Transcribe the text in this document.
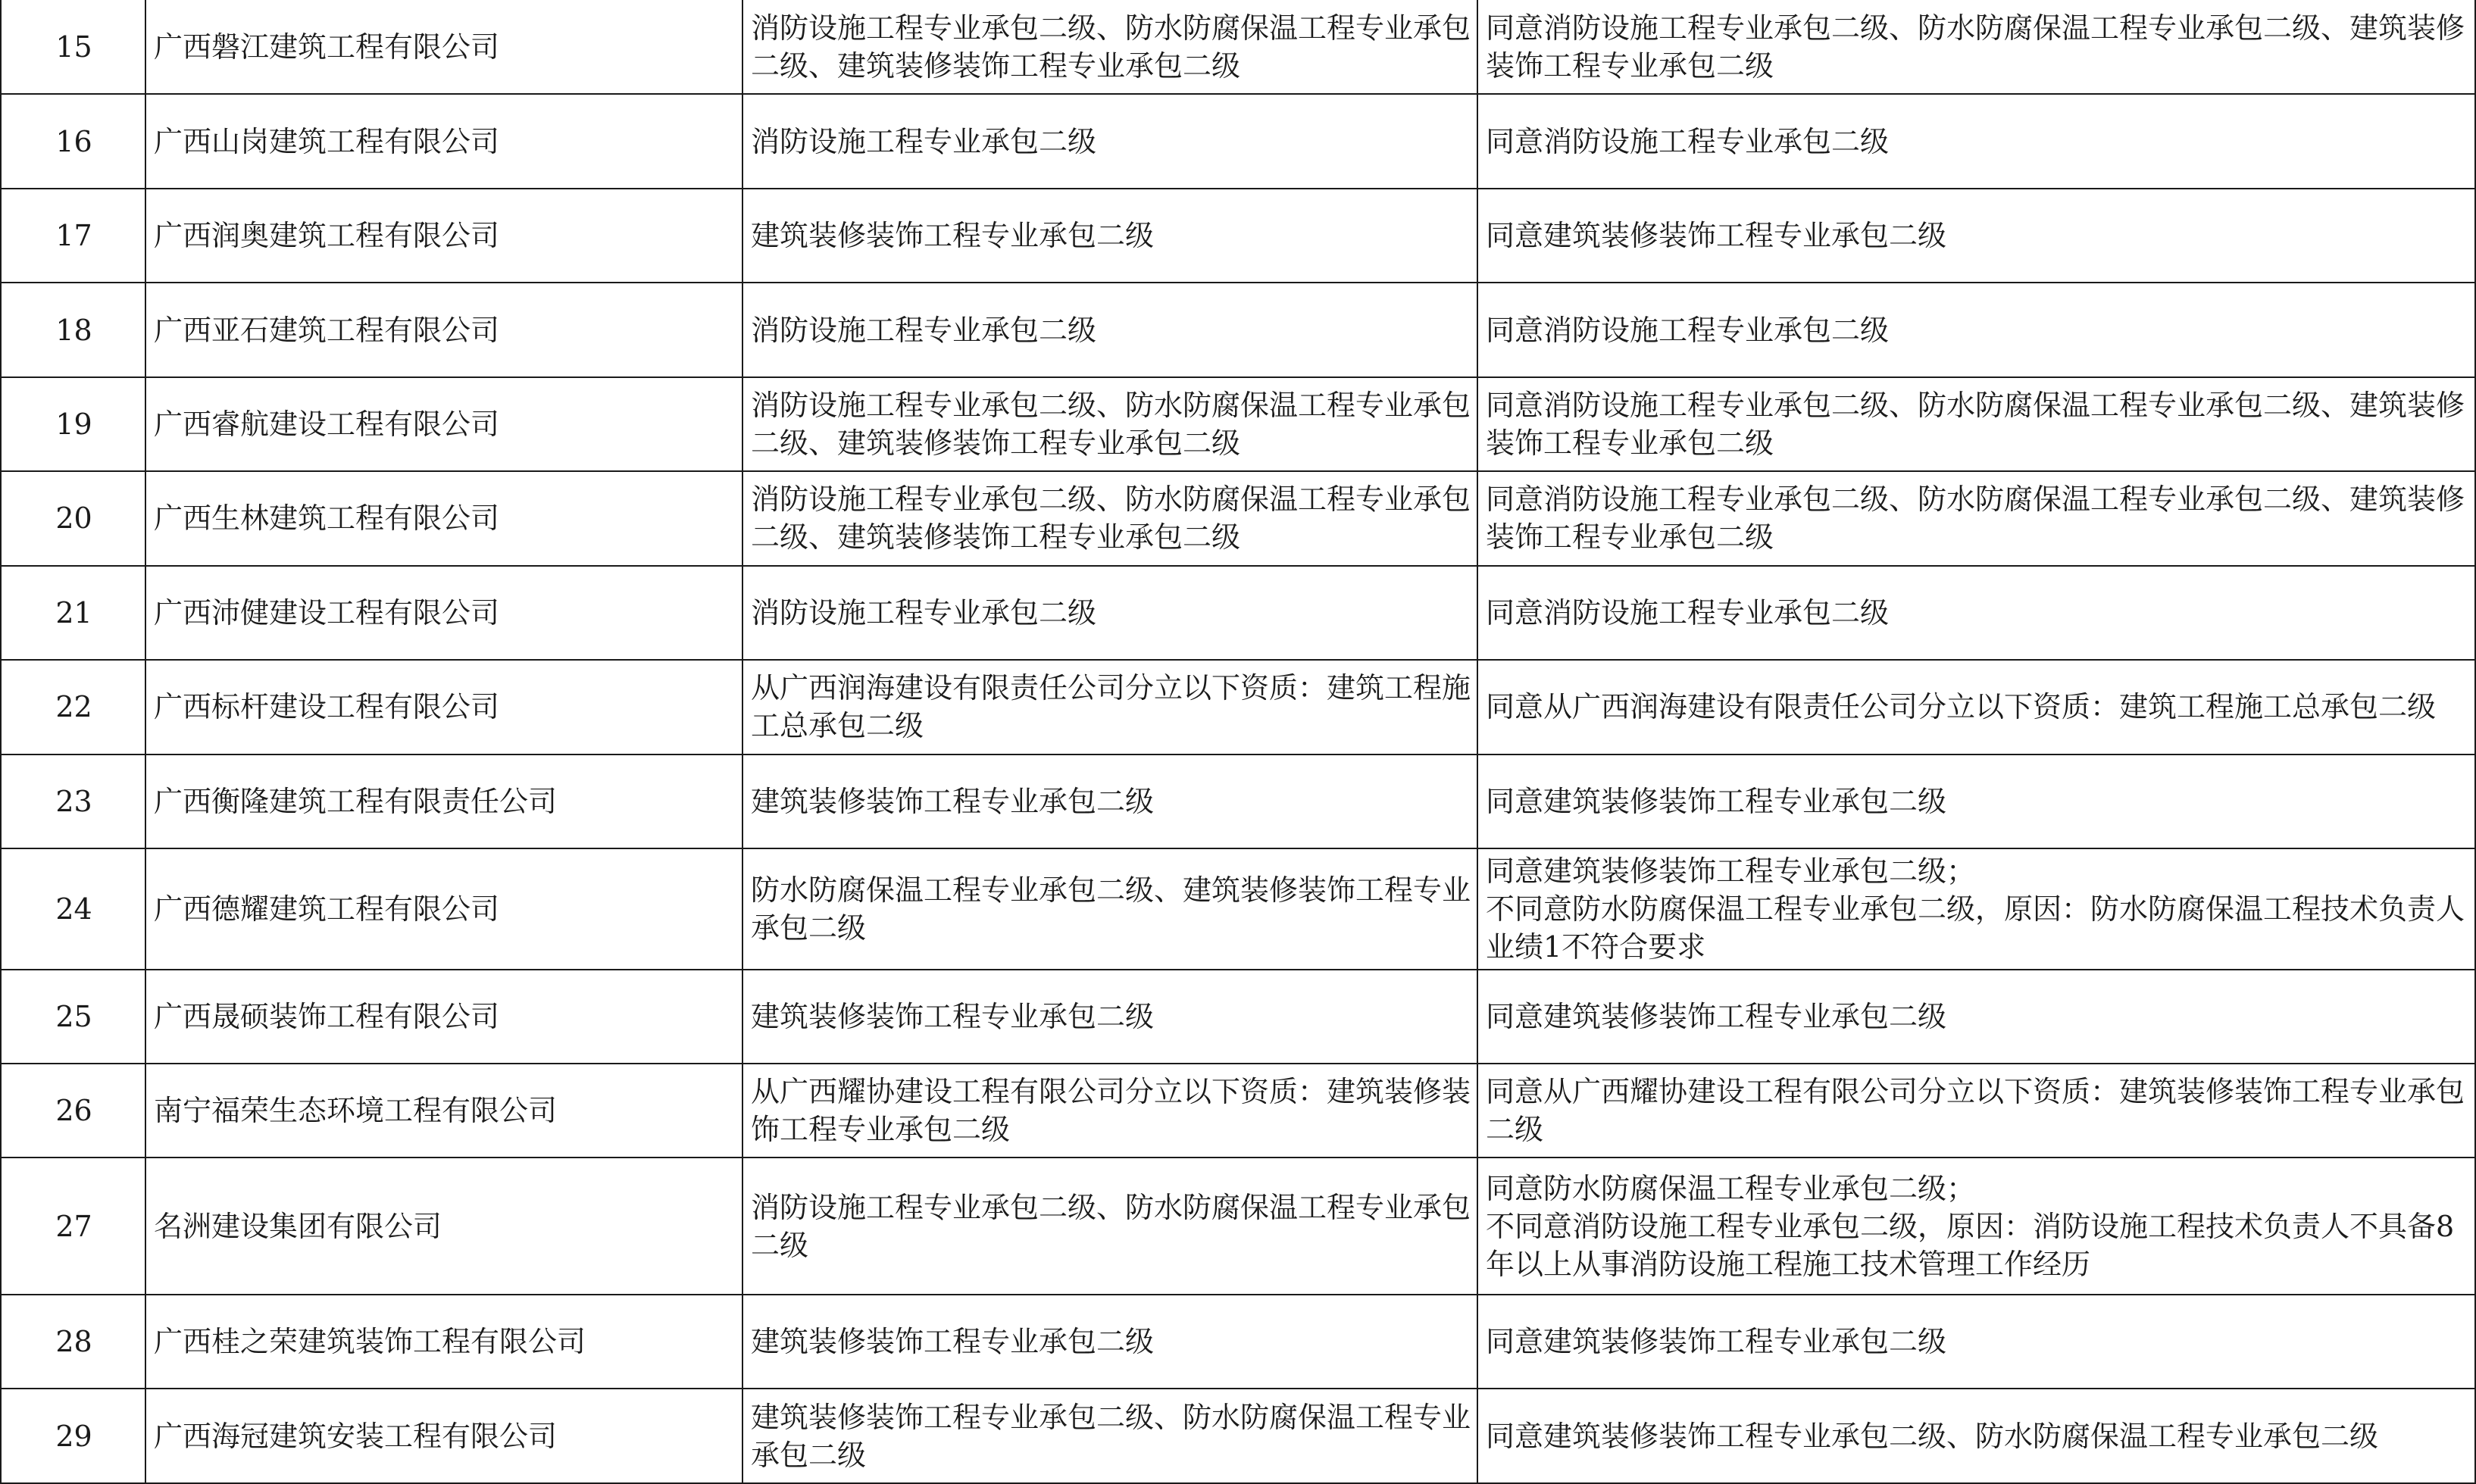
15	广西磐江建筑工程有限公司	消防设施工程专业承包二级、防水防腐保温工程专业承包二级、建筑装修装饰工程专业承包二级	同意消防设施工程专业承包二级、防水防腐保温工程专业承包二级、建筑装修装饰工程专业承包二级

16	广西山岗建筑工程有限公司	消防设施工程专业承包二级	同意消防设施工程专业承包二级

17	广西润奥建筑工程有限公司	建筑装修装饰工程专业承包二级	同意建筑装修装饰工程专业承包二级

18	广西亚石建筑工程有限公司	消防设施工程专业承包二级	同意消防设施工程专业承包二级

19	广西睿航建设工程有限公司	消防设施工程专业承包二级、防水防腐保温工程专业承包二级、建筑装修装饰工程专业承包二级	同意消防设施工程专业承包二级、防水防腐保温工程专业承包二级、建筑装修装饰工程专业承包二级

20	广西生林建筑工程有限公司	消防设施工程专业承包二级、防水防腐保温工程专业承包二级、建筑装修装饰工程专业承包二级	同意消防设施工程专业承包二级、防水防腐保温工程专业承包二级、建筑装修装饰工程专业承包二级

21	广西沛健建设工程有限公司	消防设施工程专业承包二级	同意消防设施工程专业承包二级

22	广西标杆建设工程有限公司	从广西润海建设有限责任公司分立以下资质：建筑工程施工总承包二级	同意从广西润海建设有限责任公司分立以下资质：建筑工程施工总承包二级

23	广西衡隆建筑工程有限责任公司	建筑装修装饰工程专业承包二级	同意建筑装修装饰工程专业承包二级

24	广西德耀建筑工程有限公司	防水防腐保温工程专业承包二级、建筑装修装饰工程专业承包二级	同意建筑装修装饰工程专业承包二级；
不同意防水防腐保温工程专业承包二级，原因：防水防腐保温工程技术负责人业绩1不符合要求

25	广西晟硕装饰工程有限公司	建筑装修装饰工程专业承包二级	同意建筑装修装饰工程专业承包二级

26	南宁福荣生态环境工程有限公司	从广西耀协建设工程有限公司分立以下资质：建筑装修装饰工程专业承包二级	同意从广西耀协建设工程有限公司分立以下资质：建筑装修装饰工程专业承包二级

27	名洲建设集团有限公司	消防设施工程专业承包二级、防水防腐保温工程专业承包二级	同意防水防腐保温工程专业承包二级；
不同意消防设施工程专业承包二级，原因：消防设施工程技术负责人不具备8年以上从事消防设施工程施工技术管理工作经历

28	广西桂之荣建筑装饰工程有限公司	建筑装修装饰工程专业承包二级	同意建筑装修装饰工程专业承包二级

29	广西海冠建筑安装工程有限公司	建筑装修装饰工程专业承包二级、防水防腐保温工程专业承包二级	同意建筑装修装饰工程专业承包二级、防水防腐保温工程专业承包二级
